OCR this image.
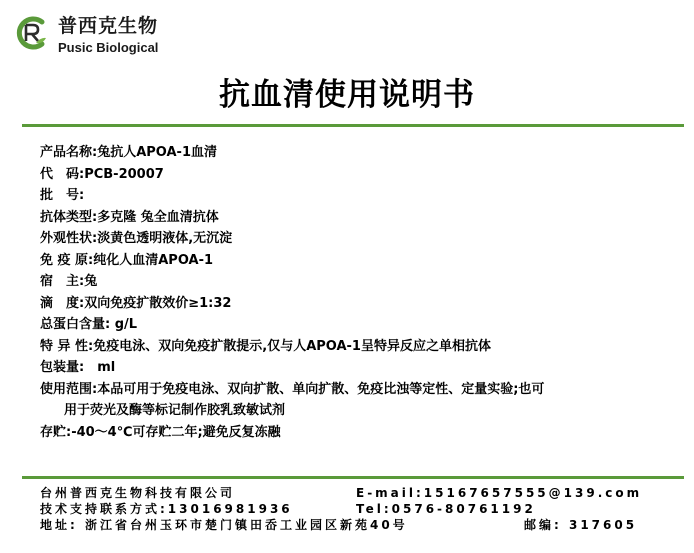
普西克生物
Pusic Biological
抗血清使用说明书
产品名称:兔抗人APOA-1血清
代　码:PCB-20007
批　号:
抗体类型:多克隆 兔全血清抗体
外观性状:淡黄色透明液体,无沉淀
免 疫 原:纯化人血清APOA-1
宿　主:兔
滴　度:双向免疫扩散效价≥1:32
总蛋白含量: g/L
特 异 性:免疫电泳、双向免疫扩散提示,仅与人APOA-1呈特异反应之单相抗体
包装量:　ml
使用范围:本品可用于免疫电泳、双向扩散、单向扩散、免疫比浊等定性、定量实验;也可
用于荧光及酶等标记制作胶乳致敏试剂
存贮:-40～4℃可存贮二年;避免反复冻融
台州普西克生物科技有限公司	E-mail:15167657555@139.com
技术支持联系方式:13016981936	Tel:0576-80761192
地址: 浙江省台州玉环市楚门镇田岙工业园区新苑40号	邮编: 317605
